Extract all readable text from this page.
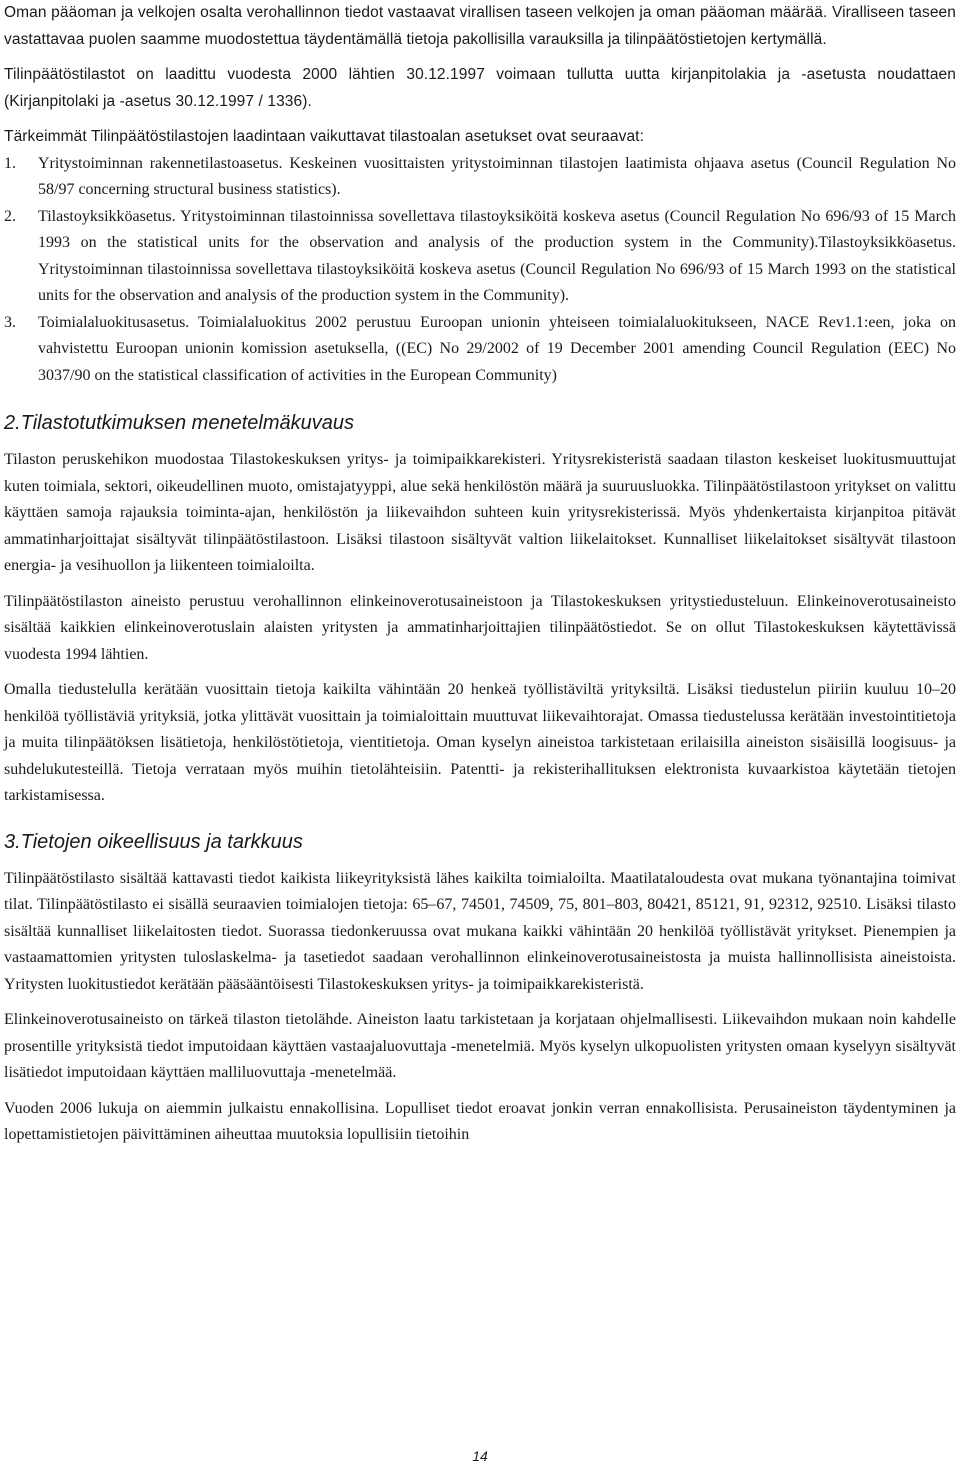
Oman pääoman ja velkojen osalta verohallinnon tiedot vastaavat virallisen taseen velkojen ja oman pääoman määrää. Viralliseen taseen vastattavaa puolen saamme muodostettua täydentämällä tietoja pakollisilla varauksilla ja tilinpäätöstietojen kertymällä.

Tilinpäätöstilastot on laadittu vuodesta 2000 lähtien 30.12.1997 voimaan tullutta uutta kirjanpitolakia ja -asetusta noudattaen (Kirjanpitolaki ja -asetus 30.12.1997 / 1336).

Tärkeimmät Tilinpäätöstilastojen laadintaan vaikuttavat tilastoalan asetukset ovat seuraavat:

1.	Yritystoiminnan rakennetilastoasetus. Keskeinen vuosittaisten yritystoiminnan tilastojen laatimista ohjaava asetus (Council Regulation No 58/97 concerning structural business statistics).
2.	Tilastoyksikköasetus. Yritystoiminnan tilastoinnissa sovellettava tilastoyksiköitä koskeva asetus (Council Regulation No 696/93 of 15 March 1993 on the statistical units for the observation and analysis of the production system in the Community).Tilastoyksikköasetus. Yritystoiminnan tilastoinnissa sovellettava tilastoyksiköitä koskeva asetus (Council Regulation No 696/93 of 15 March 1993 on the statistical units for the observation and analysis of the production system in the Community).
3.	Toimialaluokitusasetus. Toimialaluokitus 2002 perustuu Euroopan unionin yhteiseen toimialaluokitukseen, NACE Rev1.1:een, joka on vahvistettu Euroopan unionin komission asetuksella, ((EC) No 29/2002 of 19 December 2001 amending Council Regulation (EEC) No 3037/90 on the statistical classification of activities in the European Community)
2.Tilastotutkimuksen menetelmäkuvaus

Tilaston peruskehikon muodostaa Tilastokeskuksen yritys- ja toimipaikkarekisteri. Yritysrekisteristä saadaan tilaston keskeiset luokitusmuuttujat kuten toimiala, sektori, oikeudellinen muoto, omistajatyyppi, alue sekä henkilöstön määrä ja suuruusluokka. Tilinpäätöstilastoon yritykset on valittu käyttäen samoja rajauksia toiminta-ajan, henkilöstön ja liikevaihdon suhteen kuin yritysrekisterissä. Myös yhdenkertaista kirjanpitoa pitävät ammatinharjoittajat sisältyvät tilinpäätöstilastoon. Lisäksi tilastoon sisältyvät valtion liikelaitokset. Kunnalliset liikelaitokset sisältyvät tilastoon energia- ja vesihuollon ja liikenteen toimialoilta.

Tilinpäätöstilaston aineisto perustuu verohallinnon elinkeinoverotusaineistoon ja Tilastokeskuksen yritystiedusteluun. Elinkeinoverotusaineisto sisältää kaikkien elinkeinoverotuslain alaisten yritysten ja ammatinharjoittajien tilinpäätöstiedot. Se on ollut Tilastokeskuksen käytettävissä vuodesta 1994 lähtien.

Omalla tiedustelulla kerätään vuosittain tietoja kaikilta vähintään 20 henkeä työllistäviltä yrityksiltä. Lisäksi tiedustelun piiriin kuuluu 10–20 henkilöä työllistäviä yrityksiä, jotka ylittävät vuosittain ja toimialoittain muuttuvat liikevaihtorajat. Omassa tiedustelussa kerätään investointitietoja ja muita tilinpäätöksen lisätietoja, henkilöstötietoja, vientitietoja. Oman kyselyn aineistoa tarkistetaan erilaisilla aineiston sisäisillä loogisuus- ja suhdelukutesteillä. Tietoja verrataan myös muihin tietolähteisiin. Patentti- ja rekisterihallituksen elektronista kuvaarkistoa käytetään tietojen tarkistamisessa.

3.Tietojen oikeellisuus ja tarkkuus

Tilinpäätöstilasto sisältää kattavasti tiedot kaikista liikeyrityksistä lähes kaikilta toimialoilta. Maatilataloudesta ovat mukana työnantajina toimivat tilat. Tilinpäätöstilasto ei sisällä seuraavien toimialojen tietoja: 65–67, 74501, 74509, 75, 801–803, 80421, 85121, 91, 92312, 92510. Lisäksi tilasto sisältää kunnalliset liikelaitosten tiedot. Suorassa tiedonkeruussa ovat mukana kaikki vähintään 20 henkilöä työllistävät yritykset. Pienempien ja vastaamattomien yritysten tuloslaskelma- ja tasetiedot saadaan verohallinnon elinkeinoverotusaineistosta ja muista hallinnollisista aineistoista. Yritysten luokitustiedot kerätään pääsääntöisesti Tilastokeskuksen yritys- ja toimipaikkarekisteristä.

Elinkeinoverotusaineisto on tärkeä tilaston tietolähde. Aineiston laatu tarkistetaan ja korjataan ohjelmallisesti. Liikevaihdon mukaan noin kahdelle prosentille yrityksistä tiedot imputoidaan käyttäen vastaajaluovuttaja -menetelmiä. Myös kyselyn ulkopuolisten yritysten omaan kyselyyn sisältyvät lisätiedot imputoidaan käyttäen malliluovuttaja -menetelmää.

Vuoden 2006 lukuja on aiemmin julkaistu ennakollisina. Lopulliset tiedot eroavat jonkin verran ennakollisista. Perusaineiston täydentyminen ja lopettamistietojen päivittäminen aiheuttaa muutoksia lopullisiin tietoihin

14
